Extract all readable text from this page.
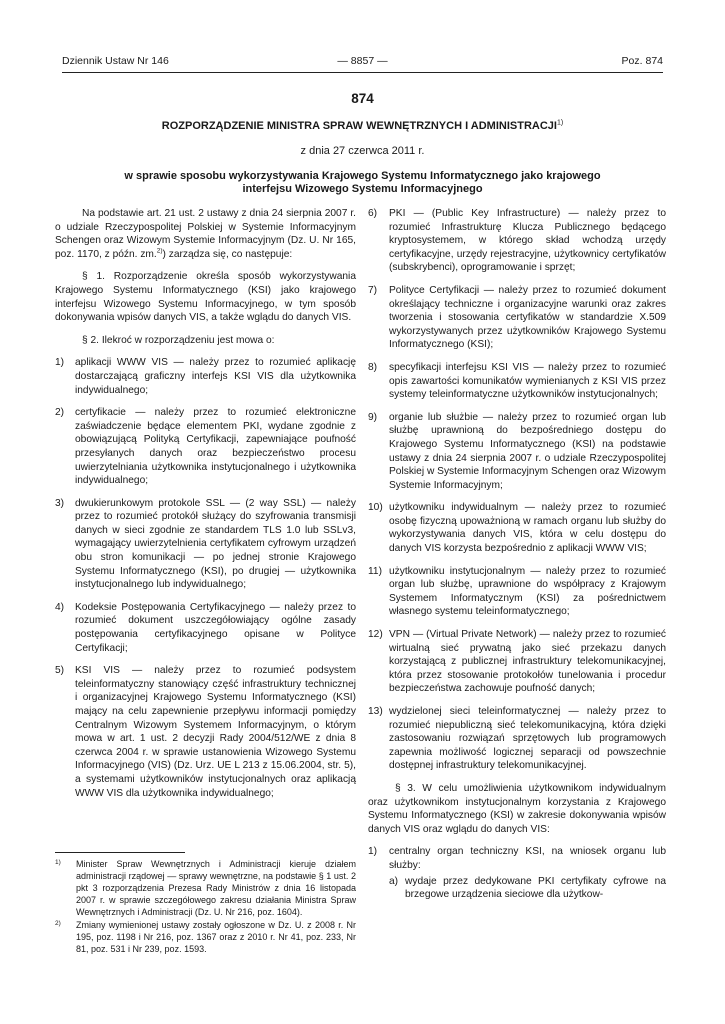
Dziennik Ustaw Nr 146	— 8857 —	Poz. 874
874
ROZPORZĄDZENIE MINISTRA SPRAW WEWNĘTRZNYCH I ADMINISTRACJI$^{1)}$
z dnia 27 czerwca 2011 r.
w sprawie sposobu wykorzystywania Krajowego Systemu Informatycznego jako krajowego interfejsu Wizowego Systemu Informacyjnego

Na podstawie art. 21 ust. 2 ustawy z dnia 24 sierpnia 2007 r. o udziale Rzeczypospolitej Polskiej w Systemie Informacyjnym Schengen oraz Wizowym Systemie Informacyjnym (Dz. U. Nr 165, poz. 1170, z późn. zm.$^{2)}$) zarządza się, co następuje:

§ 1. Rozporządzenie określa sposób wykorzystywania Krajowego Systemu Informatycznego (KSI) jako krajowego interfejsu Wizowego Systemu Informacyjnego, w tym sposób dokonywania wpisów danych VIS, a także wglądu do danych VIS.

§ 2. Ilekroć w rozporządzeniu jest mowa o:

1)	aplikacji WWW VIS — należy przez to rozumieć aplikację dostarczającą graficzny interfejs KSI VIS dla użytkownika indywidualnego;
2)	certyfikacie — należy przez to rozumieć elektroniczne zaświadczenie będące elementem PKI, wydane zgodnie z obowiązującą Polityką Certyfikacji, zapewniające poufność przesyłanych danych oraz bezpieczeństwo procesu uwierzytelniania użytkownika instytucjonalnego i użytkownika indywidualnego;
3)	dwukierunkowym protokole SSL — (2 way SSL) — należy przez to rozumieć protokół służący do szyfrowania transmisji danych w sieci zgodnie ze standardem TLS 1.0 lub SSLv3, wymagający uwierzytelnienia certyfikatem cyfrowym urządzeń obu stron komunikacji — po jednej stronie Krajowego Systemu Informatycznego (KSI), po drugiej — użytkownika instytucjonalnego lub indywidualnego;
4)	Kodeksie Postępowania Certyfikacyjnego — należy przez to rozumieć dokument uszczegółowiający ogólne zasady postępowania certyfikacyjnego opisane w Polityce Certyfikacji;
5)	KSI VIS — należy przez to rozumieć podsystem teleinformatyczny stanowiący część infrastruktury technicznej i organizacyjnej Krajowego Systemu Informatycznego (KSI) mający na celu zapewnienie przepływu informacji pomiędzy Centralnym Wizowym Systemem Informacyjnym, o którym mowa w art. 1 ust. 2 decyzji Rady 2004/512/WE z dnia 8 czerwca 2004 r. w sprawie ustanowienia Wizowego Systemu Informacyjnego (VIS) (Dz. Urz. UE L 213 z 15.06.2004, str. 5), a systemami użytkowników instytucjonalnych oraz aplikacją WWW VIS dla użytkownika indywidualnego;
6)	PKI — (Public Key Infrastructure) — należy przez to rozumieć Infrastrukturę Klucza Publicznego będącego kryptosystemem, w którego skład wchodzą urzędy certyfikacyjne, urzędy rejestracyjne, użytkownicy certyfikatów (subskrybenci), oprogramowanie i sprzęt;
7)	Polityce Certyfikacji — należy przez to rozumieć dokument określający techniczne i organizacyjne warunki oraz zakres tworzenia i stosowania certyfikatów w standardzie X.509 wykorzystywanych przez użytkowników Krajowego Systemu Informatycznego (KSI);
8)	specyfikacji interfejsu KSI VIS — należy przez to rozumieć opis zawartości komunikatów wymienianych z KSI VIS przez systemy teleinformatyczne użytkowników instytucjonalnych;
9)	organie lub służbie — należy przez to rozumieć organ lub służbę uprawnioną do bezpośredniego dostępu do Krajowego Systemu Informatycznego (KSI) na podstawie ustawy z dnia 24 sierpnia 2007 r. o udziale Rzeczypospolitej Polskiej w Systemie Informacyjnym Schengen oraz Wizowym Systemie Informacyjnym;
10) użytkowniku indywidualnym — należy przez to rozumieć osobę fizyczną upoważnioną w ramach organu lub służby do wykorzystywania danych VIS, która w celu dostępu do danych VIS korzysta bezpośrednio z aplikacji WWW VIS;
11) użytkowniku instytucjonalnym — należy przez to rozumieć organ lub służbę, uprawnione do współpracy z Krajowym Systemem Informatycznym (KSI) za pośrednictwem własnego systemu teleinformatycznego;
12) VPN — (Virtual Private Network) — należy przez to rozumieć wirtualną sieć prywatną jako sieć przekazu danych korzystającą z publicznej infrastruktury telekomunikacyjnej, która przez stosowanie protokołów tunelowania i procedur bezpieczeństwa zachowuje poufność danych;
13) wydzielonej sieci teleinformatycznej — należy przez to rozumieć niepubliczną sieć telekomunikacyjną, która dzięki zastosowaniu rozwiązań sprzętowych lub programowych zapewnia możliwość logicznej separacji od powszechnie dostępnej infrastruktury telekomunikacyjnej.

§ 3. W celu umożliwienia użytkownikom indywidualnym oraz użytkownikom instytucjonalnym korzystania z Krajowego Systemu Informatycznego (KSI) w zakresie dokonywania wpisów danych VIS oraz wglądu do danych VIS:

1)	centralny organ techniczny KSI, na wniosek organu lub służby:
a) wydaje przez dedykowane PKI certyfikaty cyfrowe na brzegowe urządzenia sieciowe dla użytkow-
1)	Minister Spraw Wewnętrznych i Administracji kieruje działem administracji rządowej — sprawy wewnętrzne, na podstawie § 1 ust. 2 pkt 3 rozporządzenia Prezesa Rady Ministrów z dnia 16 listopada 2007 r. w sprawie szczegółowego zakresu działania Ministra Spraw Wewnętrznych i Administracji (Dz. U. Nr 216, poz. 1604).
2)	Zmiany wymienionej ustawy zostały ogłoszone w Dz. U. z 2008 r. Nr 195, poz. 1198 i Nr 216, poz. 1367 oraz z 2010 r. Nr 41, poz. 233, Nr 81, poz. 531 i Nr 239, poz. 1593.
